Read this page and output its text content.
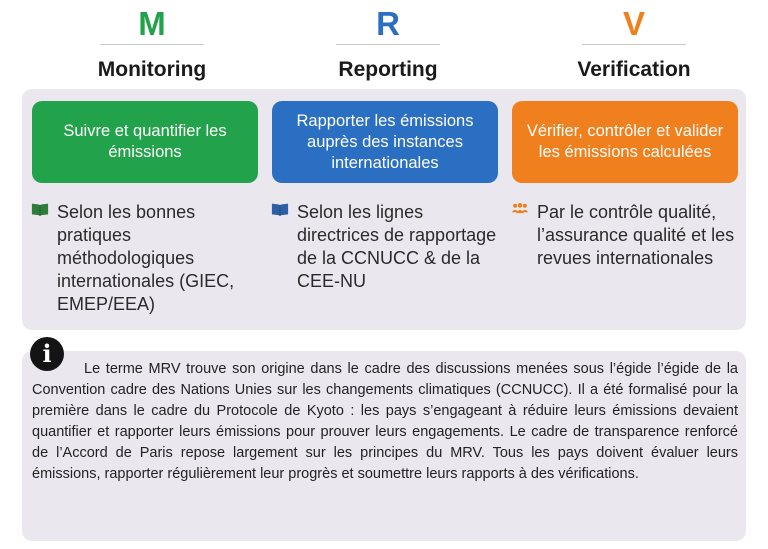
M
Monitoring
R
Reporting
V
Verification
Suivre et quantifier les émissions
Rapporter les émissions auprès des instances internationales
Vérifier, contrôler et valider les émissions calculées
Selon les bonnes pratiques méthodologiques internationales (GIEC, EMEP/EEA)
Selon les lignes directrices de rapportage de la CCNUCC & de la CEE-NU
Par le contrôle qualité, l’assurance qualité et les revues internationales
i

Le terme MRV trouve son origine dans le cadre des discussions menées sous l’égide l’égide de la Convention cadre des Nations Unies sur les changements climatiques (CCNUCC). Il a été formalisé pour la première dans le cadre du Protocole de Kyoto : les pays s’engageant à réduire leurs émissions devaient quantifier et rapporter leurs émissions pour prouver leurs engagements. Le cadre de transparence renforcé de l’Accord de Paris repose largement sur les principes du MRV. Tous les pays doivent évaluer leurs émissions, rapporter régulièrement leur progrès et soumettre leurs rapports à des vérifications.
